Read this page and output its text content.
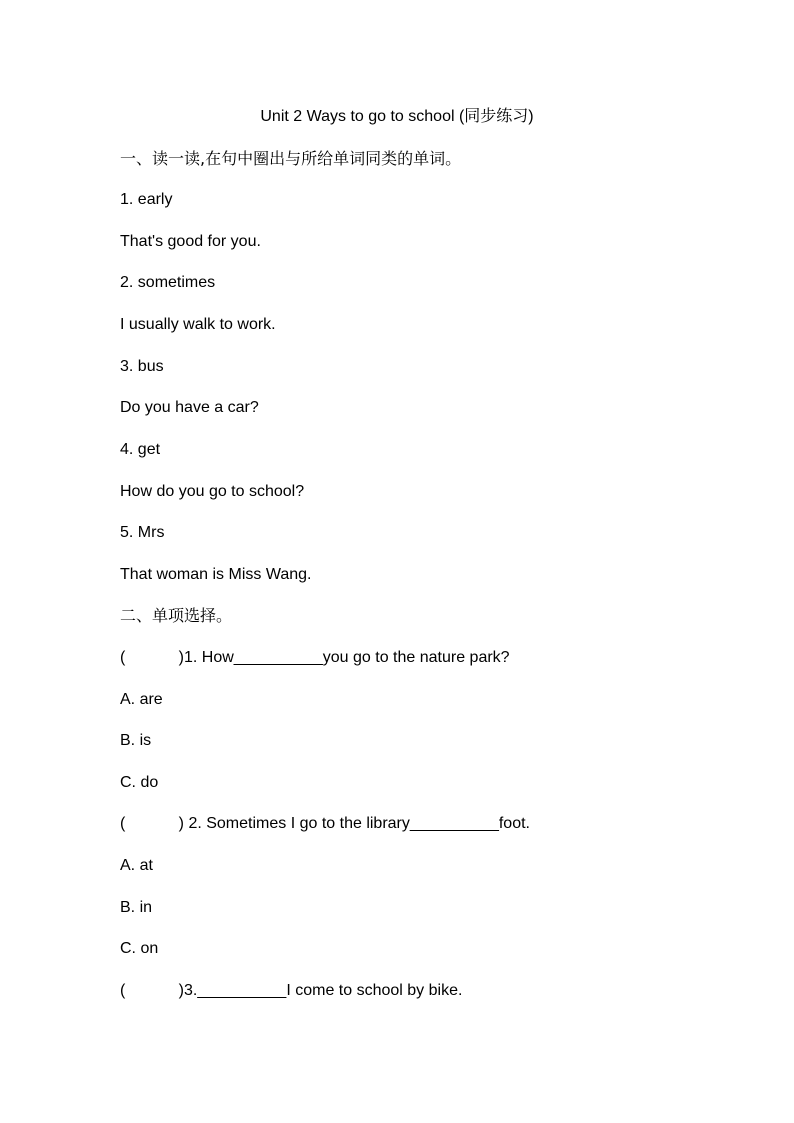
Unit 2 Ways to go to school (同步练习)
一、读一读,在句中圈出与所给单词同类的单词。
1. early
That's good for you.
2. sometimes
I usually walk to work.
3. bus
Do you have a car?
4. get
How do you go to school?
5. Mrs
That woman is Miss Wang.
二、单项选择。
(            )1. How__________you go to the nature park?
A. are
B. is
C. do
(            ) 2. Sometimes I go to the library__________foot.
A. at
B. in
C. on
(            )3.__________I come to school by bike.
